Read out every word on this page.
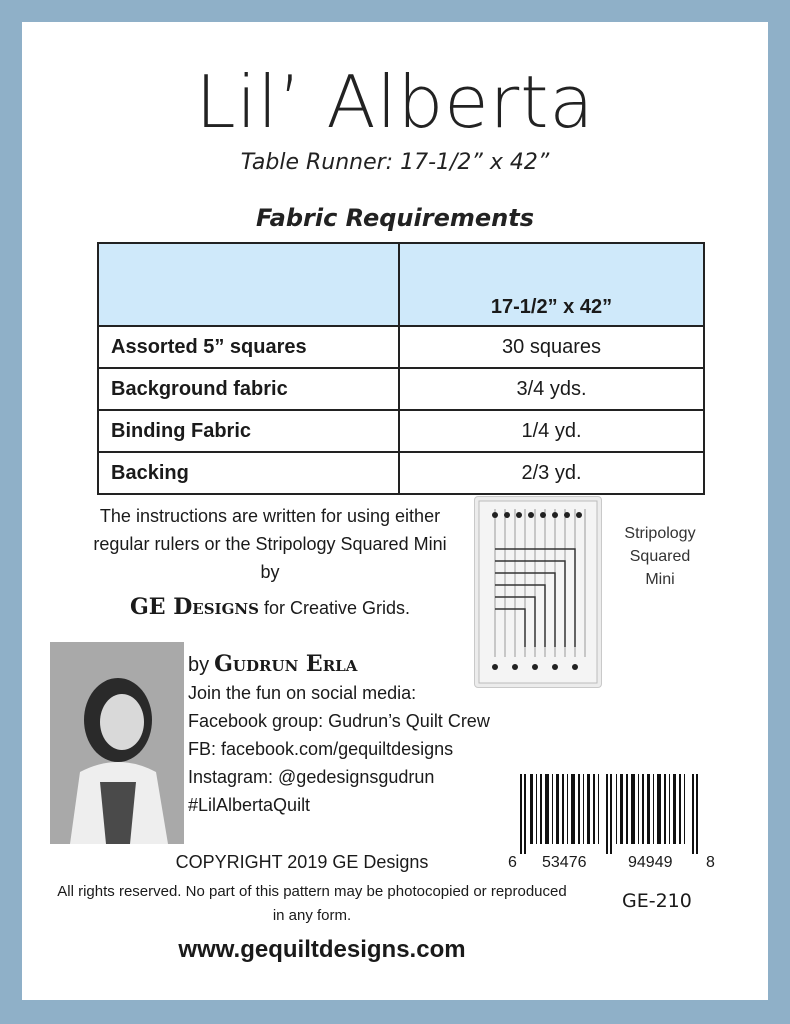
Lil’ Alberta
Table Runner: 17-1/2” x 42”
Fabric Requirements
	17-1/2” x 42”
Assorted 5” squares	30 squares
Background fabric	3/4 yds.
Binding Fabric	1/4 yd.
Backing	2/3 yd.
The instructions are written for using either regular rulers or the Stripology Squared Mini by
GE Designs for Creative Grids.
Stripology
Squared
Mini
by Gudrun Erla
Join the fun on social media:
Facebook group: Gudrun’s Quilt Crew
FB: facebook.com/gequiltdesigns
Instagram: @gedesignsgudrun
#LilAlbertaQuilt
6 53476	94949 8
COPYRIGHT 2019 GE Designs
All rights reserved. No part of this pattern may be photocopied or reproduced in any form.
GE-210
www.gequiltdesigns.com
